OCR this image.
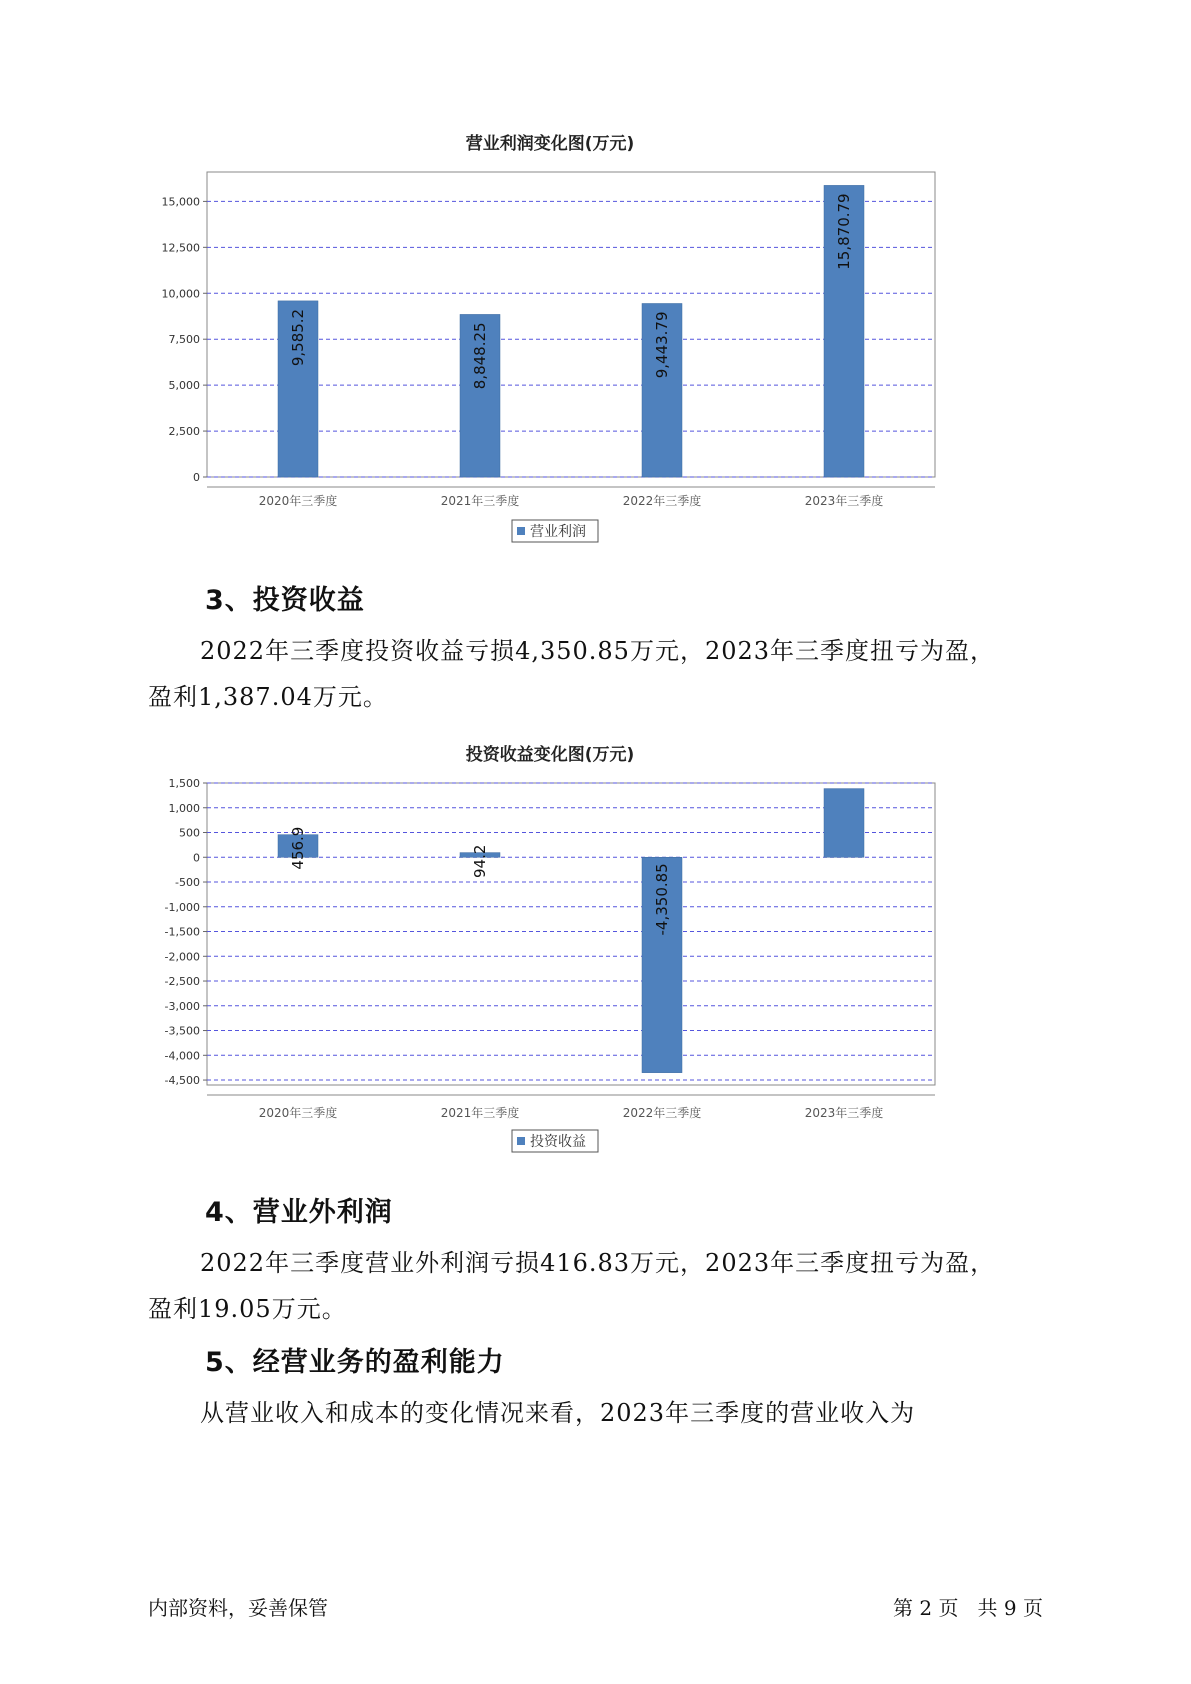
营业利润变化图(万元)
0
2,500
5,000
7,500
10,000
12,500
15,000
9,585.2
2020年三季度
8,848.25
2021年三季度
9,443.79
2022年三季度
15,870.79
2023年三季度
营业利润
3、投资收益
2022年三季度投资收益亏损4,350.85万元，2023年三季度扭亏为盈，
盈利1,387.04万元。
投资收益变化图(万元)
1,500
1,000
500
0
-500
-1,000
-1,500
-2,000
-2,500
-3,000
-3,500
-4,000
-4,500
456.9
2020年三季度
94.2
2021年三季度
-4,350.85
2022年三季度	2023年三季度
投资收益
4、营业外利润
2022年三季度营业外利润亏损416.83万元，2023年三季度扭亏为盈，
盈利19.05万元。
5、经营业务的盈利能力
从营业收入和成本的变化情况来看，2023年三季度的营业收入为
内部资料，妥善保管	第 2 页   共 9 页
